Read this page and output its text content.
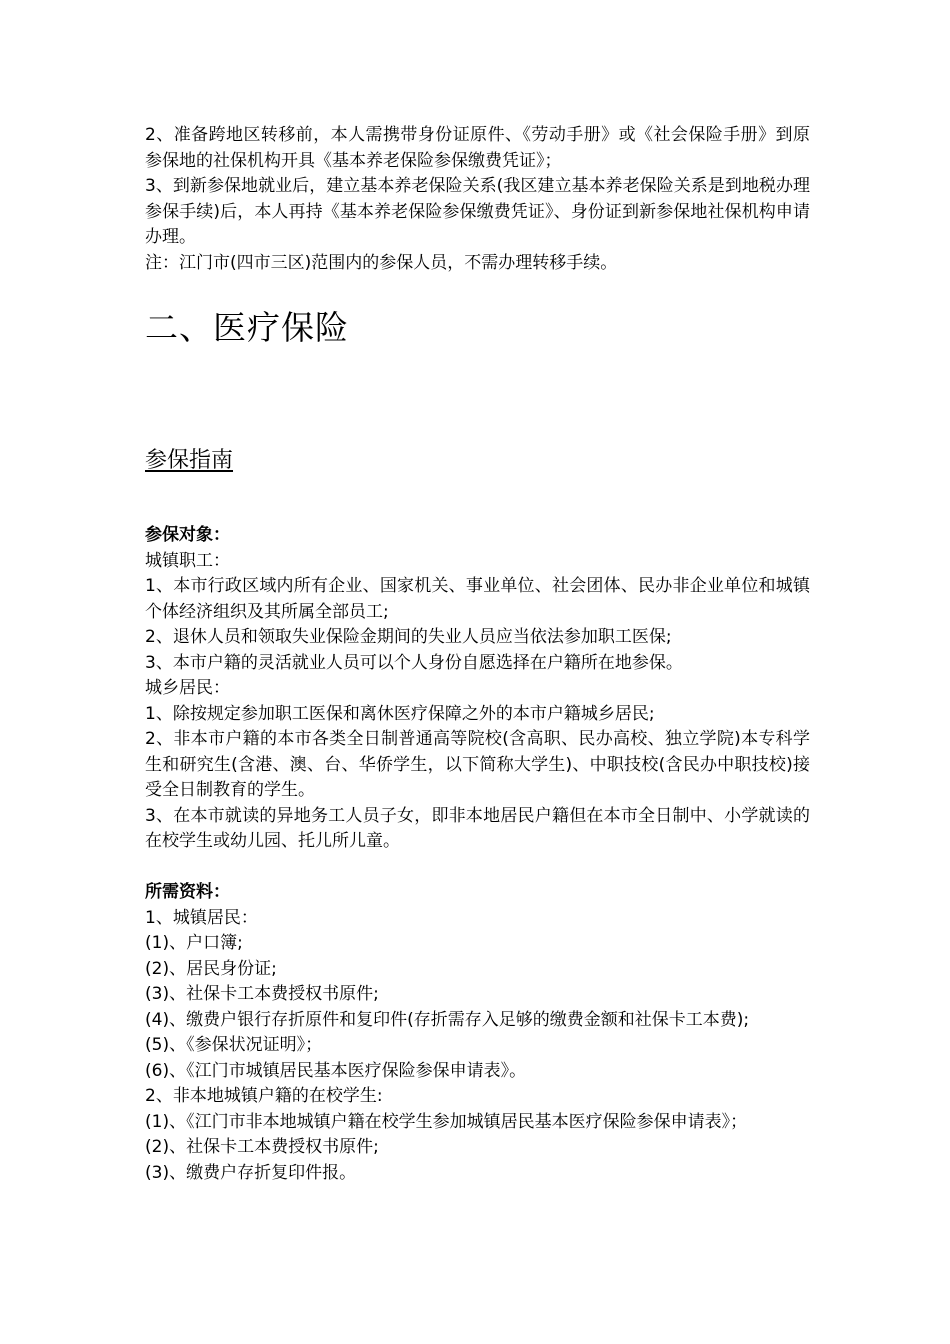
2、准备跨地区转移前，本人需携带身份证原件、《劳动手册》或《社会保险手册》到原参保地的社保机构开具《基本养老保险参保缴费凭证》；

3、到新参保地就业后，建立基本养老保险关系(我区建立基本养老保险关系是到地税办理参保手续)后，本人再持《基本养老保险参保缴费凭证》、身份证到新参保地社保机构申请办理。

注：江门市(四市三区)范围内的参保人员，不需办理转移手续。

二、医疗保险
参保指南

参保对象：

城镇职工：

1、本市行政区域内所有企业、国家机关、事业单位、社会团体、民办非企业单位和城镇个体经济组织及其所属全部员工;

2、退休人员和领取失业保险金期间的失业人员应当依法参加职工医保;

3、本市户籍的灵活就业人员可以个人身份自愿选择在户籍所在地参保。

城乡居民：

1、除按规定参加职工医保和离休医疗保障之外的本市户籍城乡居民;

2、非本市户籍的本市各类全日制普通高等院校(含高职、民办高校、独立学院)本专科学生和研究生(含港、澳、台、华侨学生，以下简称大学生)、中职技校(含民办中职技校)接受全日制教育的学生。

3、在本市就读的异地务工人员子女，即非本地居民户籍但在本市全日制中、小学就读的在校学生或幼儿园、托儿所儿童。

所需资料：

1、城镇居民：

(1)、户口簿;

(2)、居民身份证;

(3)、社保卡工本费授权书原件;

(4)、缴费户银行存折原件和复印件(存折需存入足够的缴费金额和社保卡工本费);

(5)、《参保状况证明》；

(6)、《江门市城镇居民基本医疗保险参保申请表》。

2、非本地城镇户籍的在校学生:

(1)、《江门市非本地城镇户籍在校学生参加城镇居民基本医疗保险参保申请表》；

(2)、社保卡工本费授权书原件;

(3)、缴费户存折复印件报。
